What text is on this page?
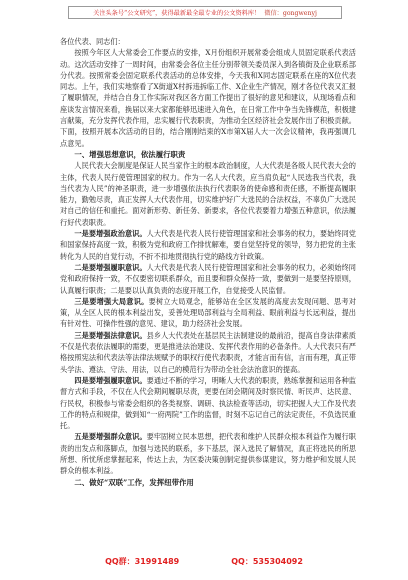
关注头条号“公文研究”，获得最新最全最专业的公文资料库！ 微信：gongwenyj

各位代表、同志们：

按照今年区人大常委会工作要点的安排，X月份组织开展常委会组成人员固定联系代表活动。这次活动安排了一周时间，由常委会各位主任分别带领关委员深入到各镇街及企业联系部分代表。按照常委会固定联系代表活动的总体安排，今天我和X同志固定联系在座的X位代表同志。上午，我们实地察看了X街道X村拆违拆临工作、X企业生产情况，刚才各位代表又汇报了履职情况，并结合自身工作实际对我区各方面工作提出了很好的意见和建议，从现场看点和座谈发言情况来看，换届以来大家都能够迅速进入角色，在日常工作中争当先锋模范，积极建言献策，充分发挥代表作用，忠实履行代表职责，为推动全区经济社会发展作出了积极贡献。下面，按照开展本次活动的目的，结合刚刚结束的X市第X届人大一次会议精神，我再强调几点意见。

一、增强思想意识，依法履行职责

人民代表大会制度是保证人民当家作主的根本政治制度，人大代表是各级人民代表大会的主体，代表人民行使管理国家的权力。作为一名人大代表，应当肩负起“人民选我当代表，我当代表为人民”的神圣职责，进一步增强依法执行代表职务的使命感和责任感，不断提高履职能力，勤勉尽责，真正发挥人大代表作用，切实维护好广大选民的合法权益，不辜负广大选民对自己的信任和重托。面对新形势、新任务、新要求，各位代表要着力增强五种意识，依法履行好代表职责。

一是要增强政治意识。人大代表是代表人民行使管理国家和社会事务的权力，要始终同党和国家保持高度一致，积极为党和政府工作排忧解难，要自觉坚持党的领导，努力把党的主张转化为人民的自觉行动，不折不扣地贯彻执行党的路线方针政策。

二是要增强履职意识。人大代表是代表人民行使管理国家和社会事务的权力，必须始终同党和政府保持一致，不仅要密切联系群众，而且要和群众保持一致，要做到一是要坚持原则，认真履行职责；二是要以认真负责的态度开展工作，自觉接受人民监督。

三是要增强大局意识。要树立大局观念，能够站在全区发展的高度去发现问题、思考对策，从全区人民的根本利益出发，妥善处理局部利益与全局利益、眼前利益与长远利益，提出有针对性、可操作性强的意见、建议，助力经济社会发展。

三是要增强法律意识。县乡人大代表处在基层民主法制建设的最前沿，提高自身法律素质不仅是代表依法履职的需要，更是推进法治建设、发挥代表作用的必备条件。人大代表只有严格按照宪法和代表法等法律法规赋予的职权行使代表职责，才能言而有信，言而有理，真正带头学法、遵法、守法、用法，以自己的模范行为带动全社会法治意识的提高。

四是要增强履职意识。要通过不断的学习，明晰人大代表的职责，熟练掌握和运用各种监督方式和手段，不仅在人代会期间履职尽责，更要在闭会期间及时察民情、听民声、达民意、行民权，积极参与常委会组织的各类视察、调研、执法检查等活动，切实把握人大工作及代表工作的特点和规律，做到知“一府两院”工作的监督，时刻不忘记自己的法定责任，不负选民重托。

五是要增强群众意识。要牢固树立民本思想，把代表和维护人民群众根本利益作为履行职责的出发点和落脚点，加强与选民的联系，多下基层，深入选民了解情况，真正将选民的所思所想、所忧所虑掌握起来，传达上去，为区委决策创制定提供参谋建议，努力维护和发展人民群众的根本利益。

二、做好“双联”工作，发挥纽带作用
QQ群：31991489	QQ：535304092
